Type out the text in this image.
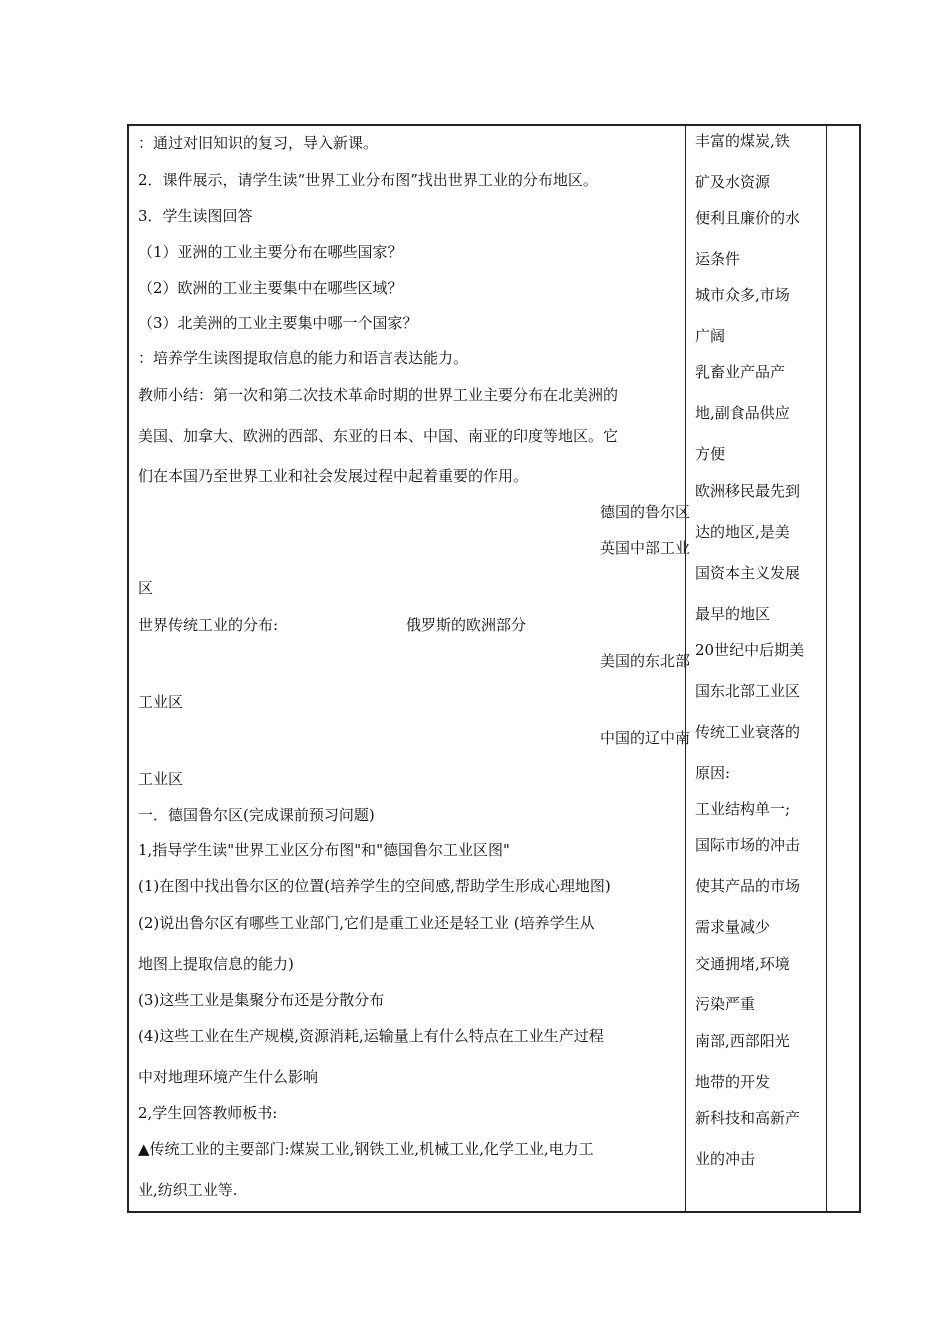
：通过对旧知识的复习，导入新课。
2．课件展示，请学生读“世界工业分布图”找出世界工业的分布地区。
3．学生读图回答
（1）亚洲的工业主要分布在哪些国家？
（2）欧洲的工业主要集中在哪些区域？
（3）北美洲的工业主要集中哪一个国家？
：培养学生读图提取信息的能力和语言表达能力。
教师小结：第一次和第二次技术革命时期的世界工业主要分布在北美洲的
美国、加拿大、欧洲的西部、东亚的日本、中国、南亚的印度等地区。它
们在本国乃至世界工业和社会发展过程中起着重要的作用。
德国的鲁尔区
英国中部工业
区
世界传统工业的分布:	俄罗斯的欧洲部分
美国的东北部
工业区
中国的辽中南
工业区
一．德国鲁尔区(完成课前预习问题)
1,指导学生读"世界工业区分布图"和"德国鲁尔工业区图"
(1)在图中找出鲁尔区的位置(培养学生的空间感,帮助学生形成心理地图)
(2)说出鲁尔区有哪些工业部门,它们是重工业还是轻工业 (培养学生从
地图上提取信息的能力)
(3)这些工业是集聚分布还是分散分布
(4)这些工业在生产规模,资源消耗,运输量上有什么特点在工业生产过程
中对地理环境产生什么影响
2,学生回答教师板书:
▲传统工业的主要部门:煤炭工业,钢铁工业,机械工业,化学工业,电力工
业,纺织工业等.
丰富的煤炭,铁
矿及水资源
便利且廉价的水
运条件
城市众多,市场
广阔
乳畜业产品产
地,副食品供应
方便
欧洲移民最先到
达的地区,是美
国资本主义发展
最早的地区
20世纪中后期美
国东北部工业区
传统工业衰落的
原因:
工业结构单一;
国际市场的冲击
使其产品的市场
需求量减少
交通拥堵,环境
污染严重
南部,西部阳光
地带的开发
新科技和高新产
业的冲击
